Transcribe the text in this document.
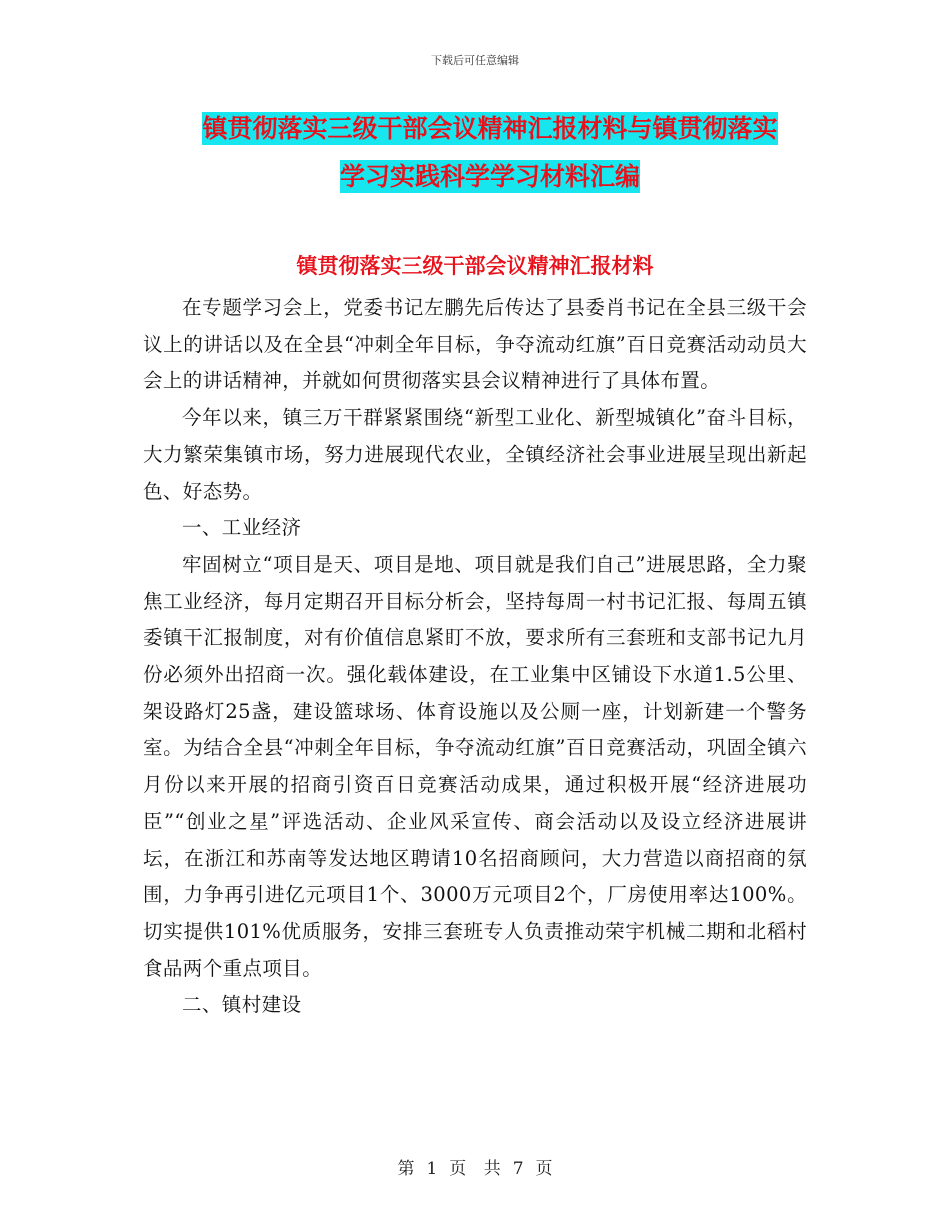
下载后可任意编辑
镇贯彻落实三级干部会议精神汇报材料与镇贯彻落实
学习实践科学学习材料汇编
镇贯彻落实三级干部会议精神汇报材料

在专题学习会上，党委书记左鹏先后传达了县委肖书记在全县三级干会议上的讲话以及在全县“冲刺全年目标，争夺流动红旗”百日竞赛活动动员大会上的讲话精神，并就如何贯彻落实县会议精神进行了具体布置。

今年以来，镇三万干群紧紧围绕“新型工业化、新型城镇化”奋斗目标，大力繁荣集镇市场，努力进展现代农业，全镇经济社会事业进展呈现出新起色、好态势。

一、工业经济

牢固树立“项目是天、项目是地、项目就是我们自己”进展思路，全力聚焦工业经济，每月定期召开目标分析会，坚持每周一村书记汇报、每周五镇委镇干汇报制度，对有价值信息紧盯不放，要求所有三套班和支部书记九月份必须外出招商一次。强化载体建设，在工业集中区铺设下水道1.5公里、架设路灯25盏，建设篮球场、体育设施以及公厕一座，计划新建一个警务室。为结合全县“冲刺全年目标，争夺流动红旗”百日竞赛活动，巩固全镇六月份以来开展的招商引资百日竞赛活动成果，通过积极开展“经济进展功臣”“创业之星”评选活动、企业风采宣传、商会活动以及设立经济进展讲坛，在浙江和苏南等发达地区聘请10名招商顾问，大力营造以商招商的氛围，力争再引进亿元项目1个、3000万元项目2个，厂房使用率达100%。切实提供101%优质服务，安排三套班专人负责推动荣宇机械二期和北稻村食品两个重点项目。

二、镇村建设

第 1 页 共 7 页
